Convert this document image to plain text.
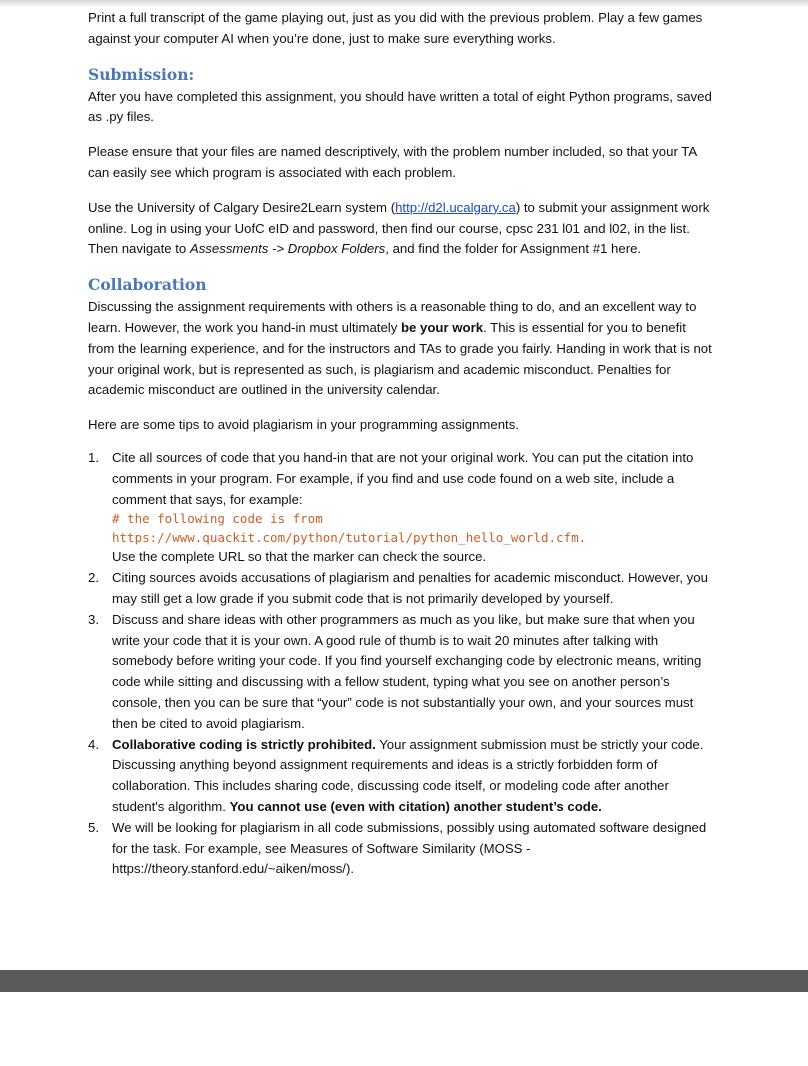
Print a full transcript of the game playing out, just as you did with the previous problem. Play a few games against your computer AI when you’re done, just to make sure everything works.

Submission:

After you have completed this assignment, you should have written a total of eight Python programs, saved as .py files.

Please ensure that your files are named descriptively, with the problem number included, so that your TA can easily see which program is associated with each problem.

Use the University of Calgary Desire2Learn system (http://d2l.ucalgary.ca) to submit your assignment work online. Log in using your UofC eID and password, then find our course, cpsc 231 l01 and l02, in the list. Then navigate to Assessments -> Dropbox Folders, and find the folder for Assignment #1 here.

Collaboration

Discussing the assignment requirements with others is a reasonable thing to do, and an excellent way to learn. However, the work you hand-in must ultimately be your work. This is essential for you to benefit from the learning experience, and for the instructors and TAs to grade you fairly. Handing in work that is not your original work, but is represented as such, is plagiarism and academic misconduct. Penalties for academic misconduct are outlined in the university calendar.

Here are some tips to avoid plagiarism in your programming assignments.

1. Cite all sources of code that you hand-in that are not your original work. You can put the citation into comments in your program. For example, if you find and use code found on a web site, include a comment that says, for example:
# the following code is from
https://www.quackit.com/python/tutorial/python_hello_world.cfm.
Use the complete URL so that the marker can check the source.
2. Citing sources avoids accusations of plagiarism and penalties for academic misconduct. However, you may still get a low grade if you submit code that is not primarily developed by yourself.
3. Discuss and share ideas with other programmers as much as you like, but make sure that when you write your code that it is your own. A good rule of thumb is to wait 20 minutes after talking with somebody before writing your code. If you find yourself exchanging code by electronic means, writing code while sitting and discussing with a fellow student, typing what you see on another person’s console, then you can be sure that “your” code is not substantially your own, and your sources must then be cited to avoid plagiarism.
4. Collaborative coding is strictly prohibited. Your assignment submission must be strictly your code. Discussing anything beyond assignment requirements and ideas is a strictly forbidden form of collaboration. This includes sharing code, discussing code itself, or modeling code after another student's algorithm. You cannot use (even with citation) another student’s code.
5. We will be looking for plagiarism in all code submissions, possibly using automated software designed for the task. For example, see Measures of Software Similarity (MOSS - https://theory.stanford.edu/~aiken/moss/).
